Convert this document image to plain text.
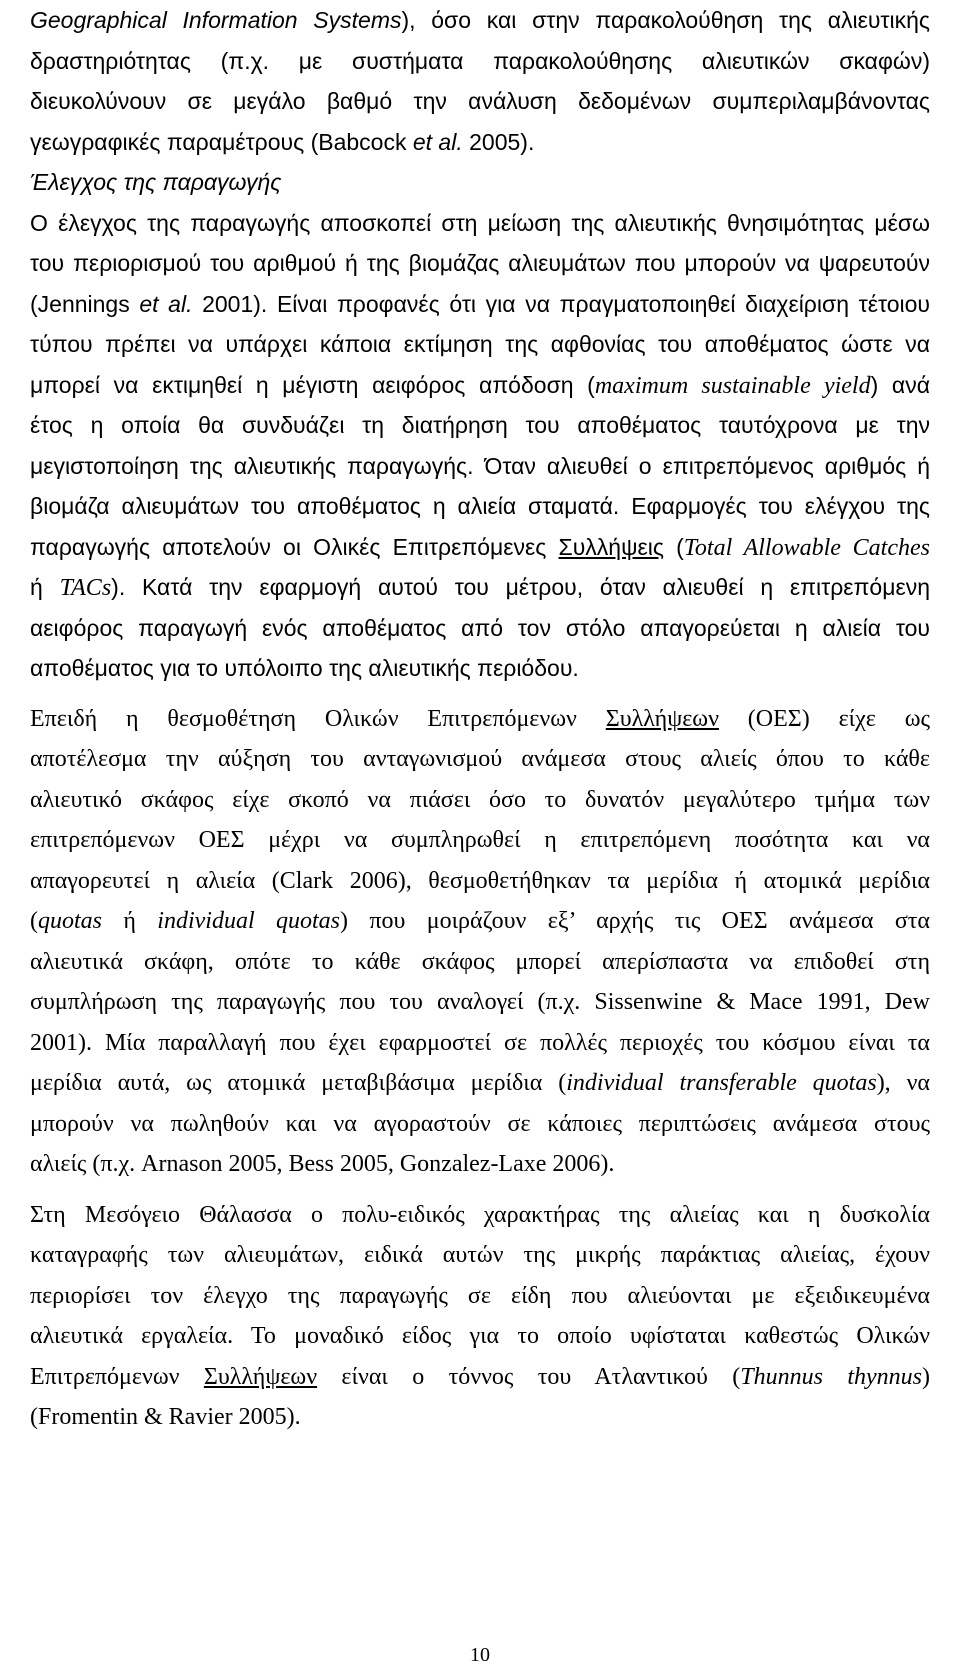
Geographical Information Systems), όσο και στην παρακολούθηση της αλιευτικής
δραστηριότητας (π.χ. με συστήματα παρακολούθησης αλιευτικών σκαφών)
διευκολύνουν σε μεγάλο βαθμό την ανάλυση δεδομένων συμπεριλαμβάνοντας
γεωγραφικές παραμέτρους (Babcock et al. 2005).
Έλεγχος της παραγωγής
Ο έλεγχος της παραγωγής αποσκοπεί στη μείωση της αλιευτικής θνησιμότητας μέσω
του περιορισμού του αριθμού ή της βιομάζας αλιευμάτων που μπορούν να ψαρευτούν
(Jennings et al. 2001). Είναι προφανές ότι για να πραγματοποιηθεί διαχείριση τέτοιου
τύπου πρέπει να υπάρχει κάποια εκτίμηση της αφθονίας του αποθέματος ώστε να
μπορεί να εκτιμηθεί η μέγιστη αειφόρος απόδοση (maximum sustainable yield) ανά
έτος η οποία θα συνδυάζει τη διατήρηση του αποθέματος ταυτόχρονα με την
μεγιστοποίηση της αλιευτικής παραγωγής. Όταν αλιευθεί ο επιτρεπόμενος αριθμός ή
βιομάζα αλιευμάτων του αποθέματος η αλιεία σταματά. Εφαρμογές του ελέγχου της
παραγωγής αποτελούν οι Ολικές Επιτρεπόμενες Συλλήψεις (Total Allowable Catches
ή TACs). Κατά την εφαρμογή αυτού του μέτρου, όταν αλιευθεί η επιτρεπόμενη
αειφόρος παραγωγή ενός αποθέματος από τον στόλο απαγορεύεται η αλιεία του
αποθέματος για το υπόλοιπο της αλιευτικής περιόδου.
Επειδή η θεσμοθέτηση Ολικών Επιτρεπόμενων Συλλήψεων (ΟΕΣ) είχε ως
αποτέλεσμα την αύξηση του ανταγωνισμού ανάμεσα στους αλιείς όπου το κάθε
αλιευτικό σκάφος είχε σκοπό να πιάσει όσο το δυνατόν μεγαλύτερο τμήμα των
επιτρεπόμενων ΟΕΣ μέχρι να συμπληρωθεί η επιτρεπόμενη ποσότητα και να
απαγορευτεί η αλιεία (Clark 2006), θεσμοθετήθηκαν τα μερίδια ή ατομικά μερίδια
(quotas ή individual quotas) που μοιράζουν εξ’ αρχής τις ΟΕΣ ανάμεσα στα
αλιευτικά σκάφη, οπότε το κάθε σκάφος μπορεί απερίσπαστα να επιδοθεί στη
συμπλήρωση της παραγωγής που του αναλογεί (π.χ. Sissenwine & Mace 1991, Dew
2001). Μία παραλλαγή που έχει εφαρμοστεί σε πολλές περιοχές του κόσμου είναι τα
μερίδια αυτά, ως ατομικά μεταβιβάσιμα μερίδια (individual transferable quotas), να
μπορούν να πωληθούν και να αγοραστούν σε κάποιες περιπτώσεις ανάμεσα στους
αλιείς (π.χ. Arnason 2005, Bess 2005, Gonzalez-Laxe 2006).
Στη Μεσόγειο Θάλασσα ο πολυ-ειδικός χαρακτήρας της αλιείας και η δυσκολία
καταγραφής των αλιευμάτων, ειδικά αυτών της μικρής παράκτιας αλιείας, έχουν
περιορίσει τον έλεγχο της παραγωγής σε είδη που αλιεύονται με εξειδικευμένα
αλιευτικά εργαλεία. Το μοναδικό είδος για το οποίο υφίσταται καθεστώς Ολικών
Επιτρεπόμενων Συλλήψεων είναι ο τόννος του Ατλαντικού (Thunnus thynnus)
(Fromentin & Ravier 2005).
10
